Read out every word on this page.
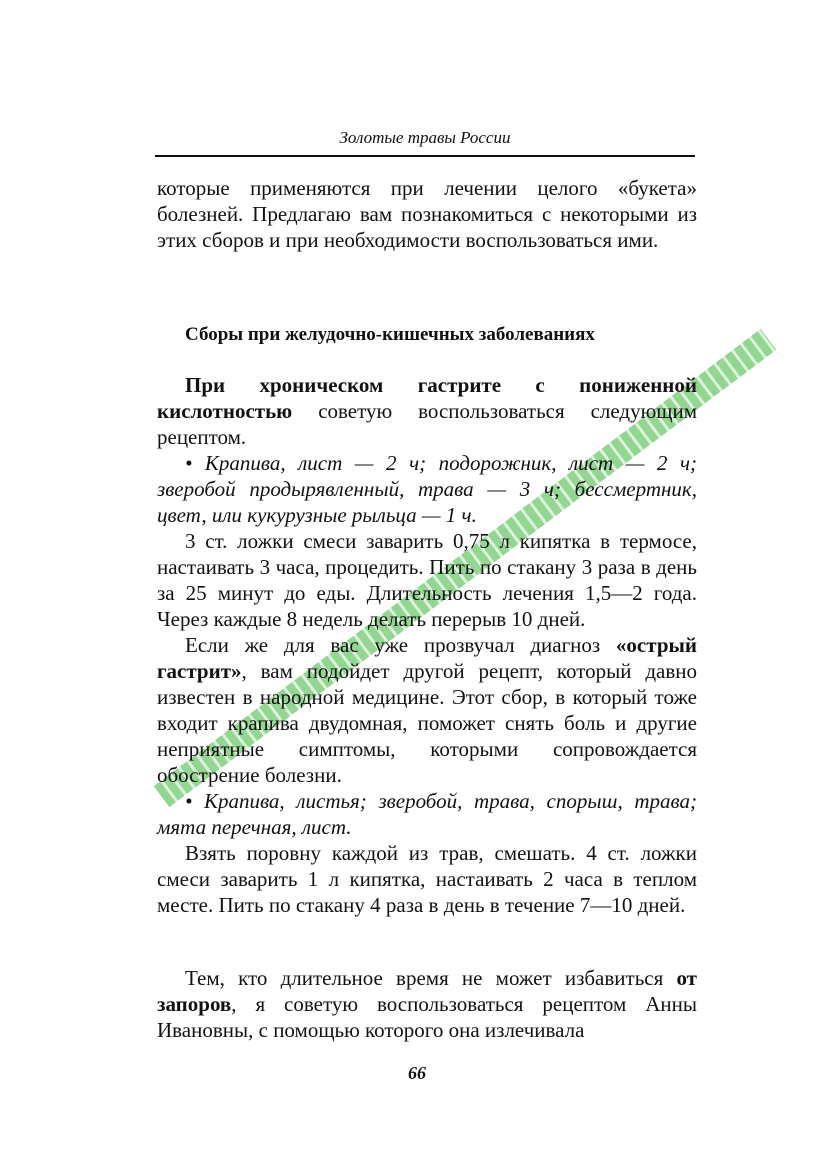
Золотые травы России

которые применяются при лечении целого «букета» болезней. Предлагаю вам познакомиться с некоторыми из этих сборов и при необходимости воспользоваться ими.

Сборы при желудочно-кишечных заболеваниях

При хроническом гастрите с пониженной кислотностью советую воспользоваться следующим рецептом.

• Крапива, лист — 2 ч; подорожник, лист — 2 ч; зверобой продырявленный, трава — 3 ч; бессмертник, цвет, или кукурузные рыльца — 1 ч.

3 ст. ложки смеси заварить 0,75 л кипятка в термосе, настаивать 3 часа, процедить. Пить по стакану 3 раза в день за 25 минут до еды. Длительность лечения 1,5—2 года. Через каждые 8 недель делать перерыв 10 дней.

Если же для вас уже прозвучал диагноз «острый гастрит», вам подойдет другой рецепт, который давно известен в народной медицине. Этот сбор, в который тоже входит крапива двудомная, поможет снять боль и другие неприятные симптомы, которыми сопровождается обострение болезни.

• Крапива, листья; зверобой, трава, спорыш, трава; мята перечная, лист.

Взять поровну каждой из трав, смешать. 4 ст. ложки смеси заварить 1 л кипятка, настаивать 2 часа в теплом месте. Пить по стакану 4 раза в день в течение 7—10 дней.

Тем, кто длительное время не может избавиться от запоров, я советую воспользоваться рецептом Анны Ивановны, с помощью которого она излечивала

66
